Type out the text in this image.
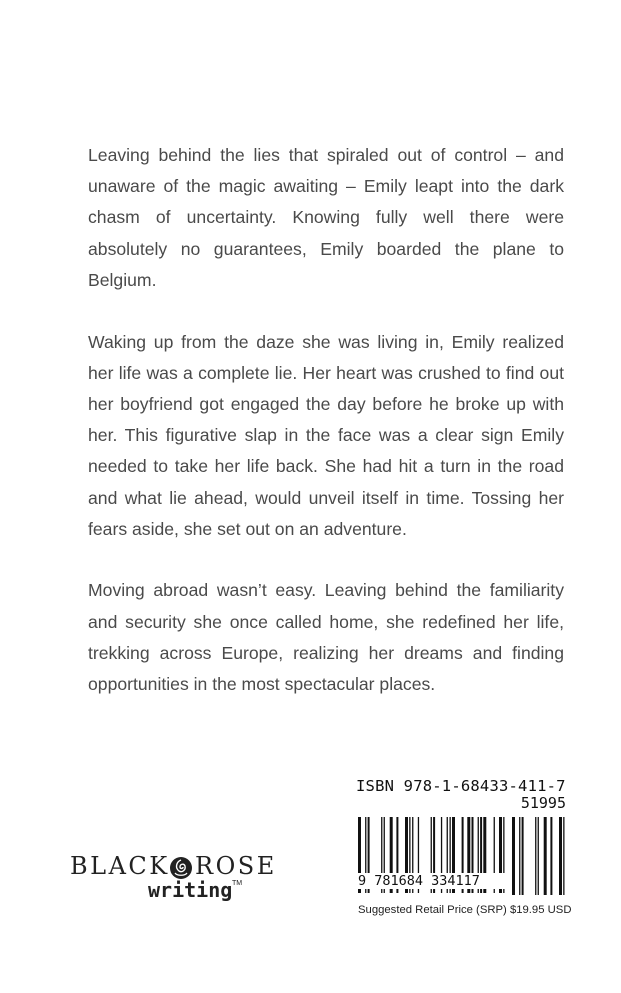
Leaving behind the lies that spiraled out of control – and unaware of the magic awaiting – Emily leapt into the dark chasm of uncertainty. Knowing fully well there were absolutely no guarantees, Emily boarded the plane to Belgium.

Waking up from the daze she was living in, Emily realized her life was a complete lie. Her heart was crushed to find out her boyfriend got engaged the day before he broke up with her. This figurative slap in the face was a clear sign Emily needed to take her life back. She had hit a turn in the road and what lie ahead, would unveil itself in time. Tossing her fears aside, she set out on an adventure.

Moving abroad wasn’t easy. Leaving behind the familiarity and security she once called home, she redefined her life, trekking across Europe, realizing her dreams and finding opportunities in the most spectacular places.

ISBN 978-1-68433-411-7
51995
9 781684 334117
Suggested Retail Price (SRP) $19.95 USD
BLACK ROSE
writing TM
